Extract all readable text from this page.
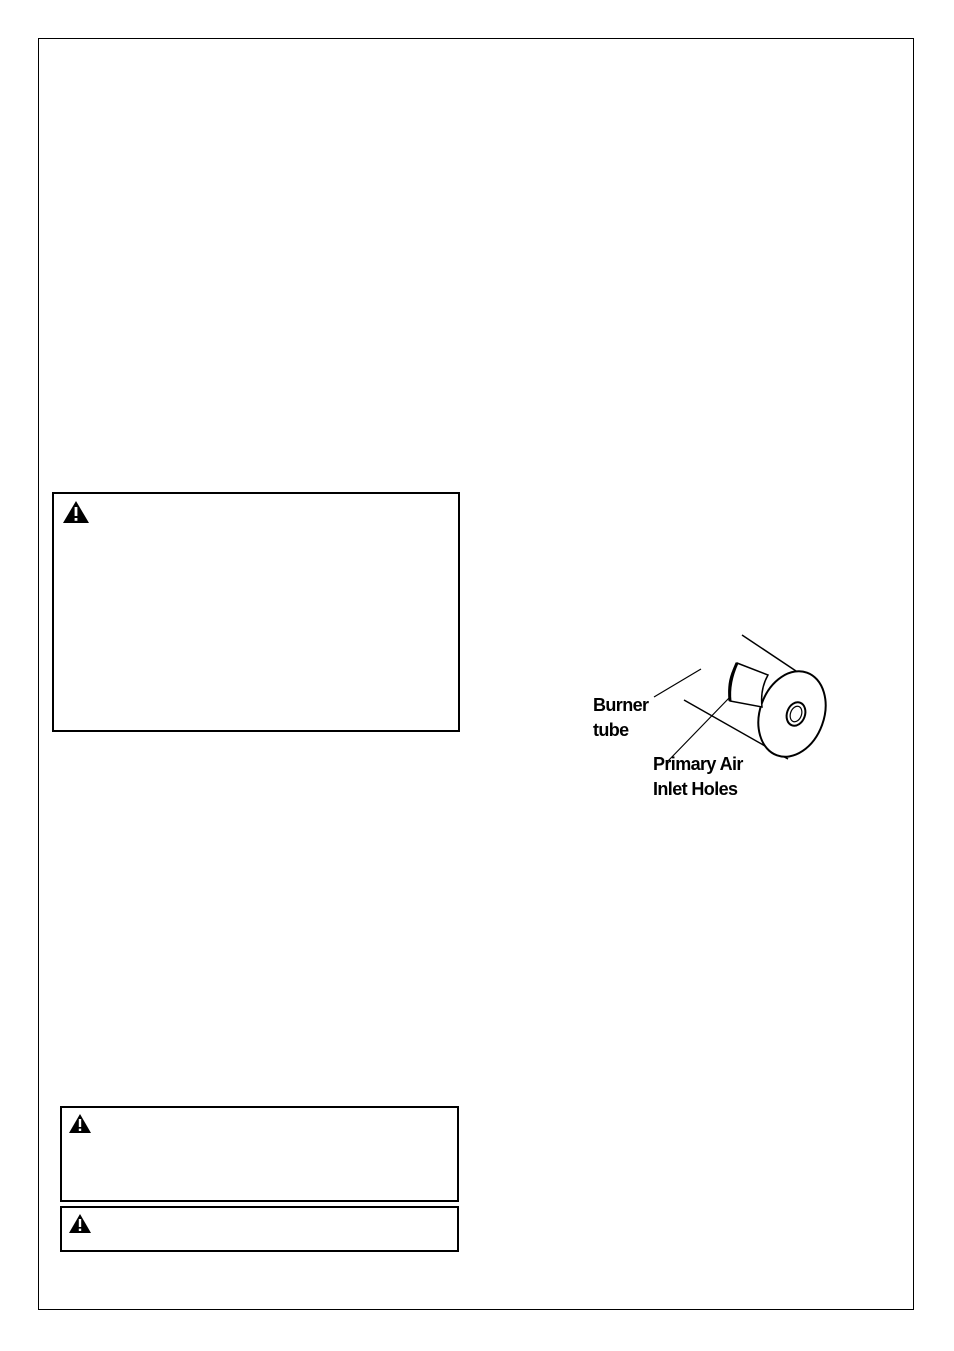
Burner
tube
Primary Air
Inlet Holes
